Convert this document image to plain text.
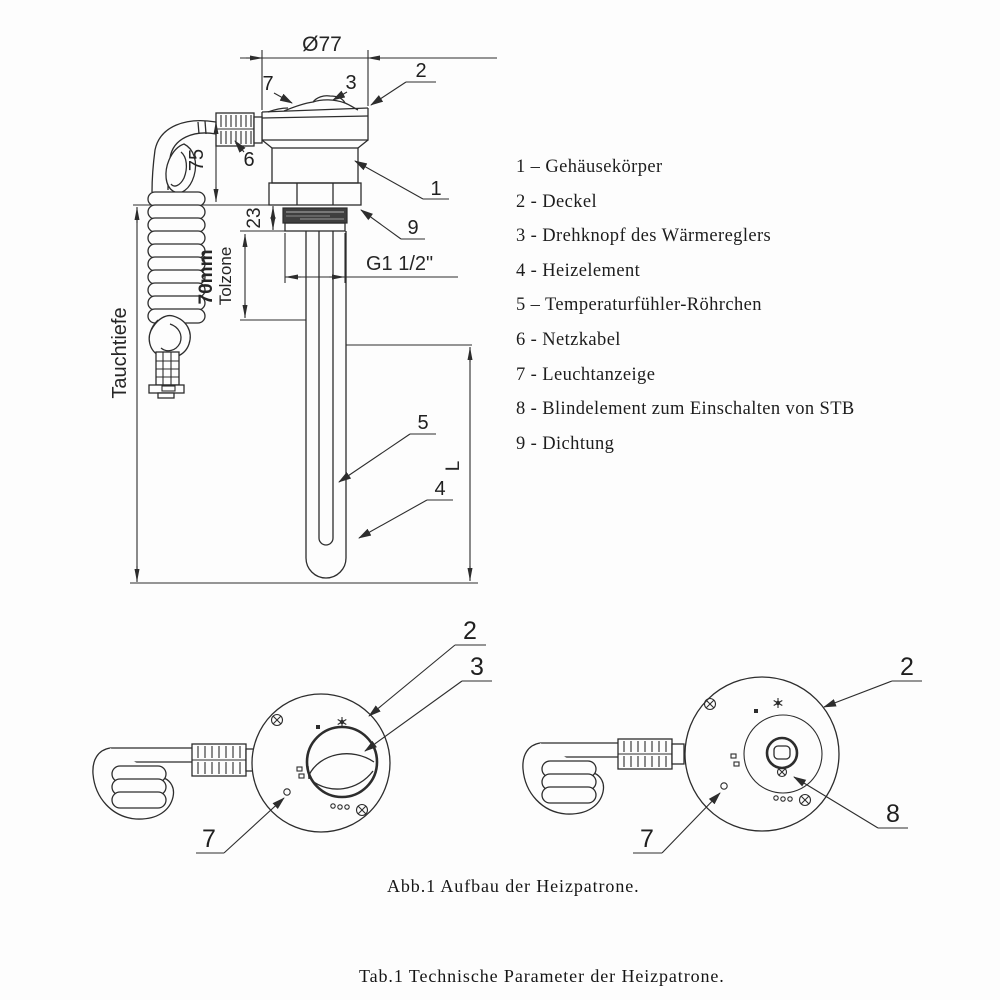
Ø77
75
Tauchtiefe
23
70mm Tolzone	G1 1/2"
L
7	3
2
6
1
9
5
4
2
3
7
2
8
7
1 – Gehäusekörper
2 - Deckel
3 - Drehknopf des Wärmereglers
4 - Heizelement
5 – Temperaturfühler-Röhrchen
6 - Netzkabel
7 - Leuchtanzeige
8 - Blindelement zum Einschalten von STB
9 - Dichtung
Abb.1 Aufbau der Heizpatrone.
Tab.1 Technische Parameter der Heizpatrone.
